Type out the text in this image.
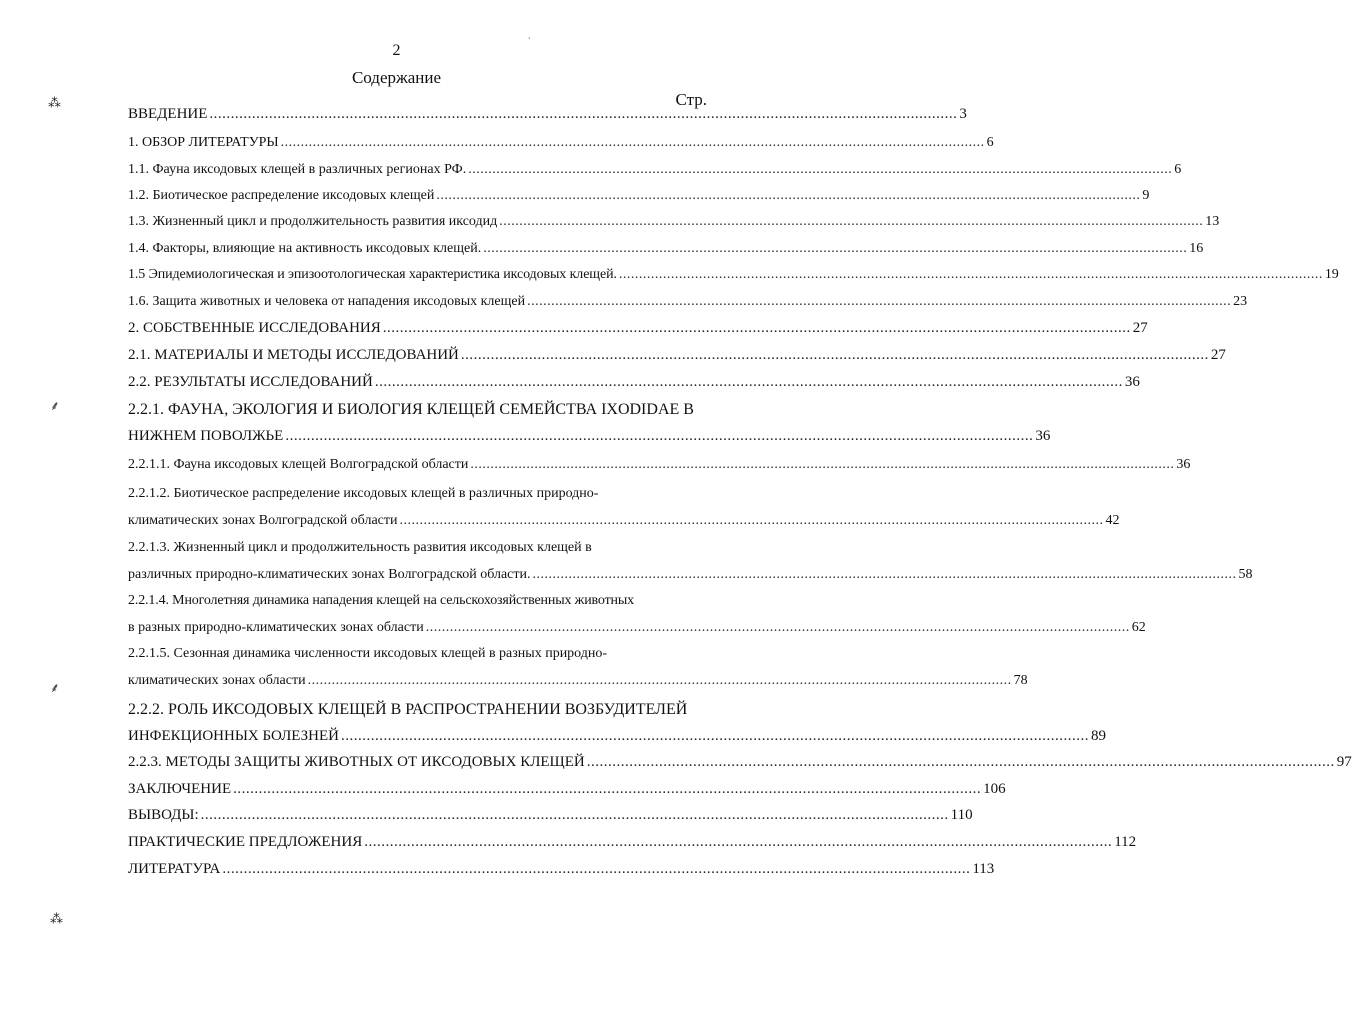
2
Содержание
Стр.
ВВЕДЕНИЕ ................................................................................................................................................................................ 3
1. ОБЗОР ЛИТЕРАТУРЫ ................................................................................................................................................................................ 6
1.1. Фауна иксодовых клещей в различных регионах РФ. ................................................................................................................................................................................ 6
1.2. Биотическое распределение иксодовых клещей ................................................................................................................................................................................ 9
1.3. Жизненный цикл и продолжительность развития иксодид ................................................................................................................................................................................ 13
1.4. Факторы, влияющие на активность иксодовых клещей. ................................................................................................................................................................................ 16
1.5 Эпидемиологическая и эпизоотологическая характеристика иксодовых клещей. ................................................................................................................................................................................ 19
1.6. Защита животных и человека от нападения иксодовых клещей ................................................................................................................................................................................ 23
2. СОБСТВЕННЫЕ ИССЛЕДОВАНИЯ ................................................................................................................................................................................ 27
2.1. МАТЕРИАЛЫ И МЕТОДЫ ИССЛЕДОВАНИЙ ................................................................................................................................................................................ 27
2.2. РЕЗУЛЬТАТЫ ИССЛЕДОВАНИЙ ................................................................................................................................................................................ 36
2.2.1. ФАУНА, ЭКОЛОГИЯ И БИОЛОГИЯ КЛЕЩЕЙ СЕМЕЙСТВА IXODIDAE В
НИЖНЕМ ПОВОЛЖЬЕ ................................................................................................................................................................................ 36
2.2.1.1. Фауна иксодовых клещей Волгоградской области ................................................................................................................................................................................ 36
2.2.1.2. Биотическое распределение иксодовых клещей в различных природно-
климатических зонах Волгоградской области ................................................................................................................................................................................ 42
2.2.1.3. Жизненный цикл и продолжительность развития иксодовых клещей в
различных природно-климатических зонах Волгоградской области. ................................................................................................................................................................................ 58
2.2.1.4. Многолетняя динамика нападения клещей на сельскохозяйственных животных
в разных природно-климатических зонах области ................................................................................................................................................................................ 62
2.2.1.5. Сезонная динамика численности иксодовых клещей в разных природно-
климатических зонах области ................................................................................................................................................................................ 78
2.2.2. РОЛЬ ИКСОДОВЫХ КЛЕЩЕЙ В РАСПРОСТРАНЕНИИ ВОЗБУДИТЕЛЕЙ
ИНФЕКЦИОННЫХ БОЛЕЗНЕЙ ................................................................................................................................................................................ 89
2.2.3. МЕТОДЫ ЗАЩИТЫ ЖИВОТНЫХ ОТ ИКСОДОВЫХ КЛЕЩЕЙ ................................................................................................................................................................................ 97
ЗАКЛЮЧЕНИЕ ................................................................................................................................................................................ 106
ВЫВОДЫ: ................................................................................................................................................................................ 110
ПРАКТИЧЕСКИЕ ПРЕДЛОЖЕНИЯ ................................................................................................................................................................................ 112
ЛИТЕРАТУРА ................................................................................................................................................................................ 113
⁂
⸙
⸙
⁂
·
